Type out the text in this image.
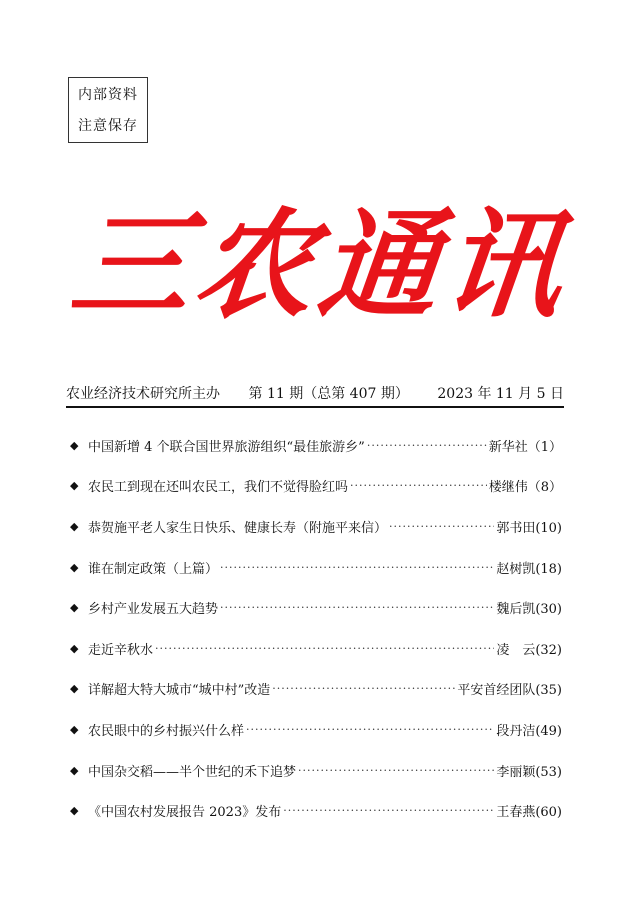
内部资料
注意保存
三农通讯
农业经济技术研究所主办 第 11 期（总第 407 期） 2023 年 11 月 5 日
◆ 中国新增 4 个联合国世界旅游组织“最佳旅游乡” ·····	新华社（1）
◆ 农民工到现在还叫农民工，我们不觉得脸红吗 ·····	楼继伟（8）
◆ 恭贺施平老人家生日快乐、健康长寿（附施平来信） ·····	郭书田(10)
◆ 谁在制定政策（上篇） ·····	赵树凯(18)
◆ 乡村产业发展五大趋势 ·····	魏后凯(30)
◆ 走近辛秋水 ·····	凌　云(32)
◆ 详解超大特大城市“城中村”改造 ·····	平安首经团队(35)
◆ 农民眼中的乡村振兴什么样 ·····	段丹洁(49)
◆ 中国杂交稻——半个世纪的禾下追梦 ·····	李丽颖(53)
◆ 《中国农村发展报告 2023》发布 ·····	王春燕(60)
